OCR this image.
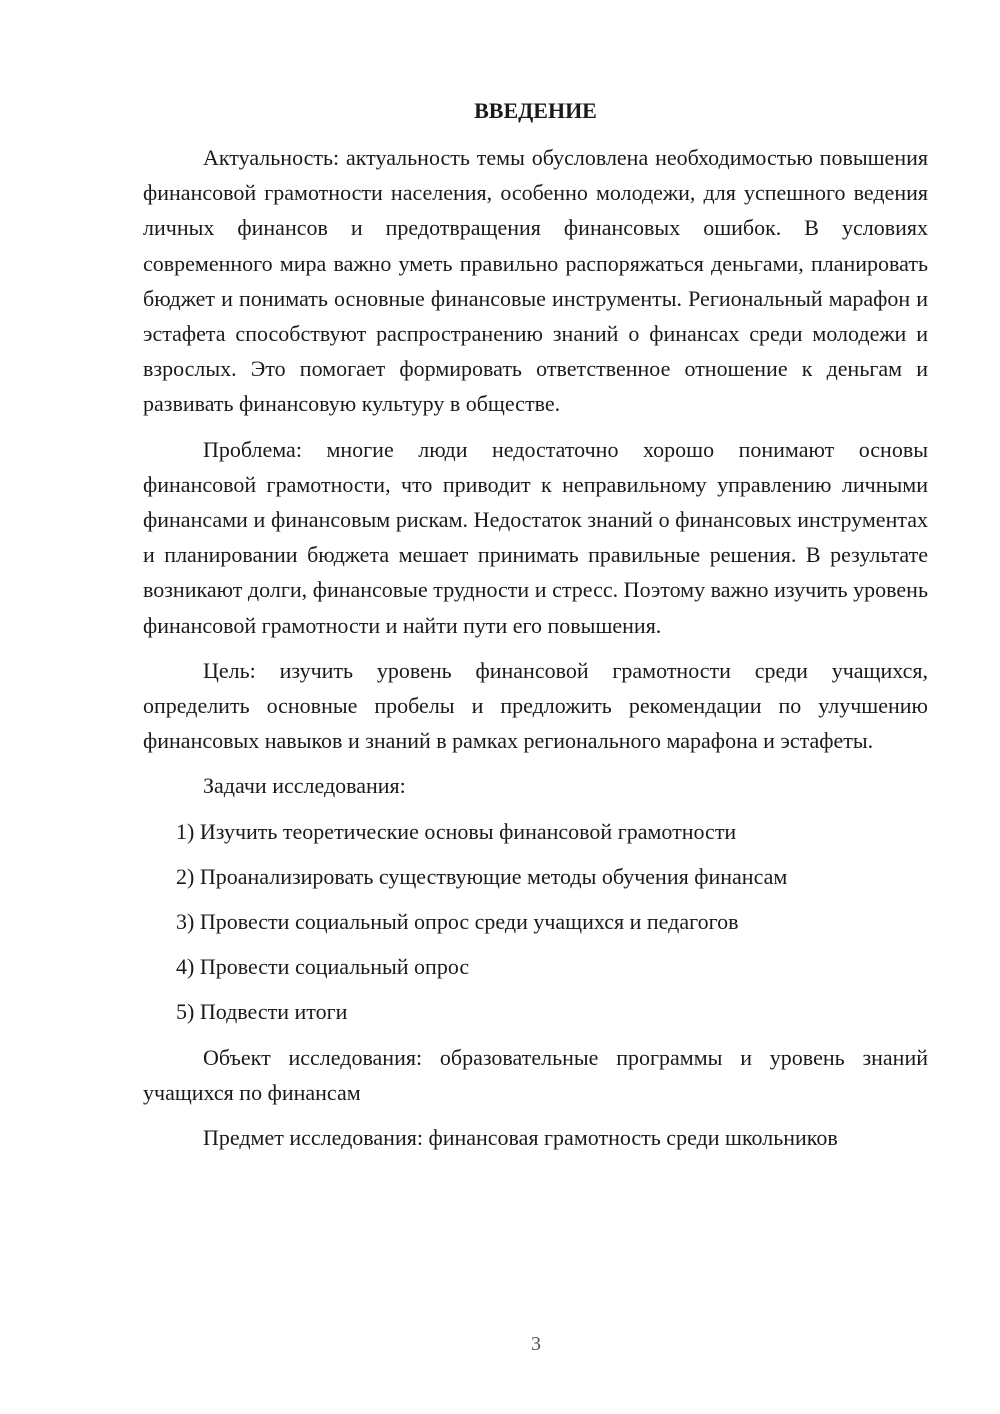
ВВЕДЕНИЕ

Актуальность: актуальность темы обусловлена необходимостью повышения финансовой грамотности населения, особенно молодежи, для успешного ведения личных финансов и предотвращения финансовых ошибок. В условиях современного мира важно уметь правильно распоряжаться деньгами, планировать бюджет и понимать основные финансовые инструменты. Региональный марафон и эстафета способствуют распространению знаний о финансах среди молодежи и взрослых. Это помогает формировать ответственное отношение к деньгам и развивать финансовую культуру в обществе.

Проблема: многие люди недостаточно хорошо понимают основы финансовой грамотности, что приводит к неправильному управлению личными финансами и финансовым рискам. Недостаток знаний о финансовых инструментах и планировании бюджета мешает принимать правильные решения. В результате возникают долги, финансовые трудности и стресс. Поэтому важно изучить уровень финансовой грамотности и найти пути его повышения.

Цель: изучить уровень финансовой грамотности среди учащихся, определить основные пробелы и предложить рекомендации по улучшению финансовых навыков и знаний в рамках регионального марафона и эстафеты.

Задачи исследования:

1) Изучить теоретические основы финансовой грамотности
2) Проанализировать существующие методы обучения финансам
3) Провести социальный опрос среди учащихся и педагогов
4) Провести социальный опрос
5) Подвести итоги

Объект исследования: образовательные программы и уровень знаний учащихся по финансам

Предмет исследования: финансовая грамотность среди школьников

3
